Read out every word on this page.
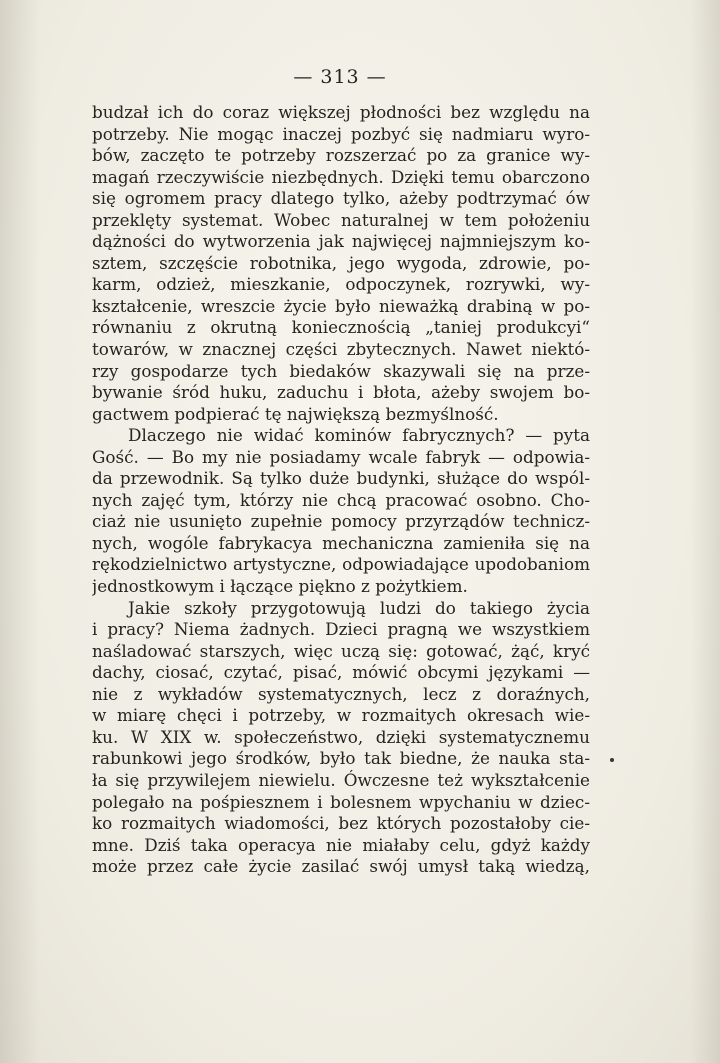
— 313 —
budzał ich do coraz większej płodności bez względu na
potrzeby. Nie mogąc inaczej pozbyć się nadmiaru wyro-
bów, zaczęto te potrzeby rozszerzać po za granice wy-
magań rzeczywiście niezbędnych. Dzięki temu obarczono
się ogromem pracy dlatego tylko, ażeby podtrzymać ów
przeklęty systemat. Wobec naturalnej w tem położeniu
dążności do wytworzenia jak najwięcej najmniejszym ko-
sztem, szczęście robotnika, jego wygoda, zdrowie, po-
karm, odzież, mieszkanie, odpoczynek, rozrywki, wy-
kształcenie, wreszcie życie było nieważką drabiną w po-
równaniu z okrutną koniecznością „taniej produkcyi“
towarów, w znacznej części zbytecznych. Nawet niektó-
rzy gospodarze tych biedaków skazywali się na prze-
bywanie śród huku, zaduchu i błota, ażeby swojem bo-
gactwem podpierać tę największą bezmyślność.
Dlaczego nie widać kominów fabrycznych? — pyta
Gość. — Bo my nie posiadamy wcale fabryk — odpowia-
da przewodnik. Są tylko duże budynki, służące do wspól-
nych zajęć tym, którzy nie chcą pracować osobno. Cho-
ciaż nie usunięto zupełnie pomocy przyrządów technicz-
nych, wogóle fabrykacya mechaniczna zamieniła się na
rękodzielnictwo artystyczne, odpowiadające upodobaniom
jednostkowym i łączące piękno z pożytkiem.
Jakie szkoły przygotowują ludzi do takiego życia
i pracy? Niema żadnych. Dzieci pragną we wszystkiem
naśladować starszych, więc uczą się: gotować, żąć, kryć
dachy, ciosać, czytać, pisać, mówić obcymi językami —
nie z wykładów systematycznych, lecz z doraźnych,
w miarę chęci i potrzeby, w rozmaitych okresach wie-
ku. W XIX w. społeczeństwo, dzięki systematycznemu
rabunkowi jego środków, było tak biedne, że nauka sta-
ła się przywilejem niewielu. Ówczesne też wykształcenie
polegało na pośpiesznem i bolesnem wpychaniu w dziec-
ko rozmaitych wiadomości, bez których pozostałoby cie-
mne. Dziś taka operacya nie miałaby celu, gdyż każdy
może przez całe życie zasilać swój umysł taką wiedzą,
